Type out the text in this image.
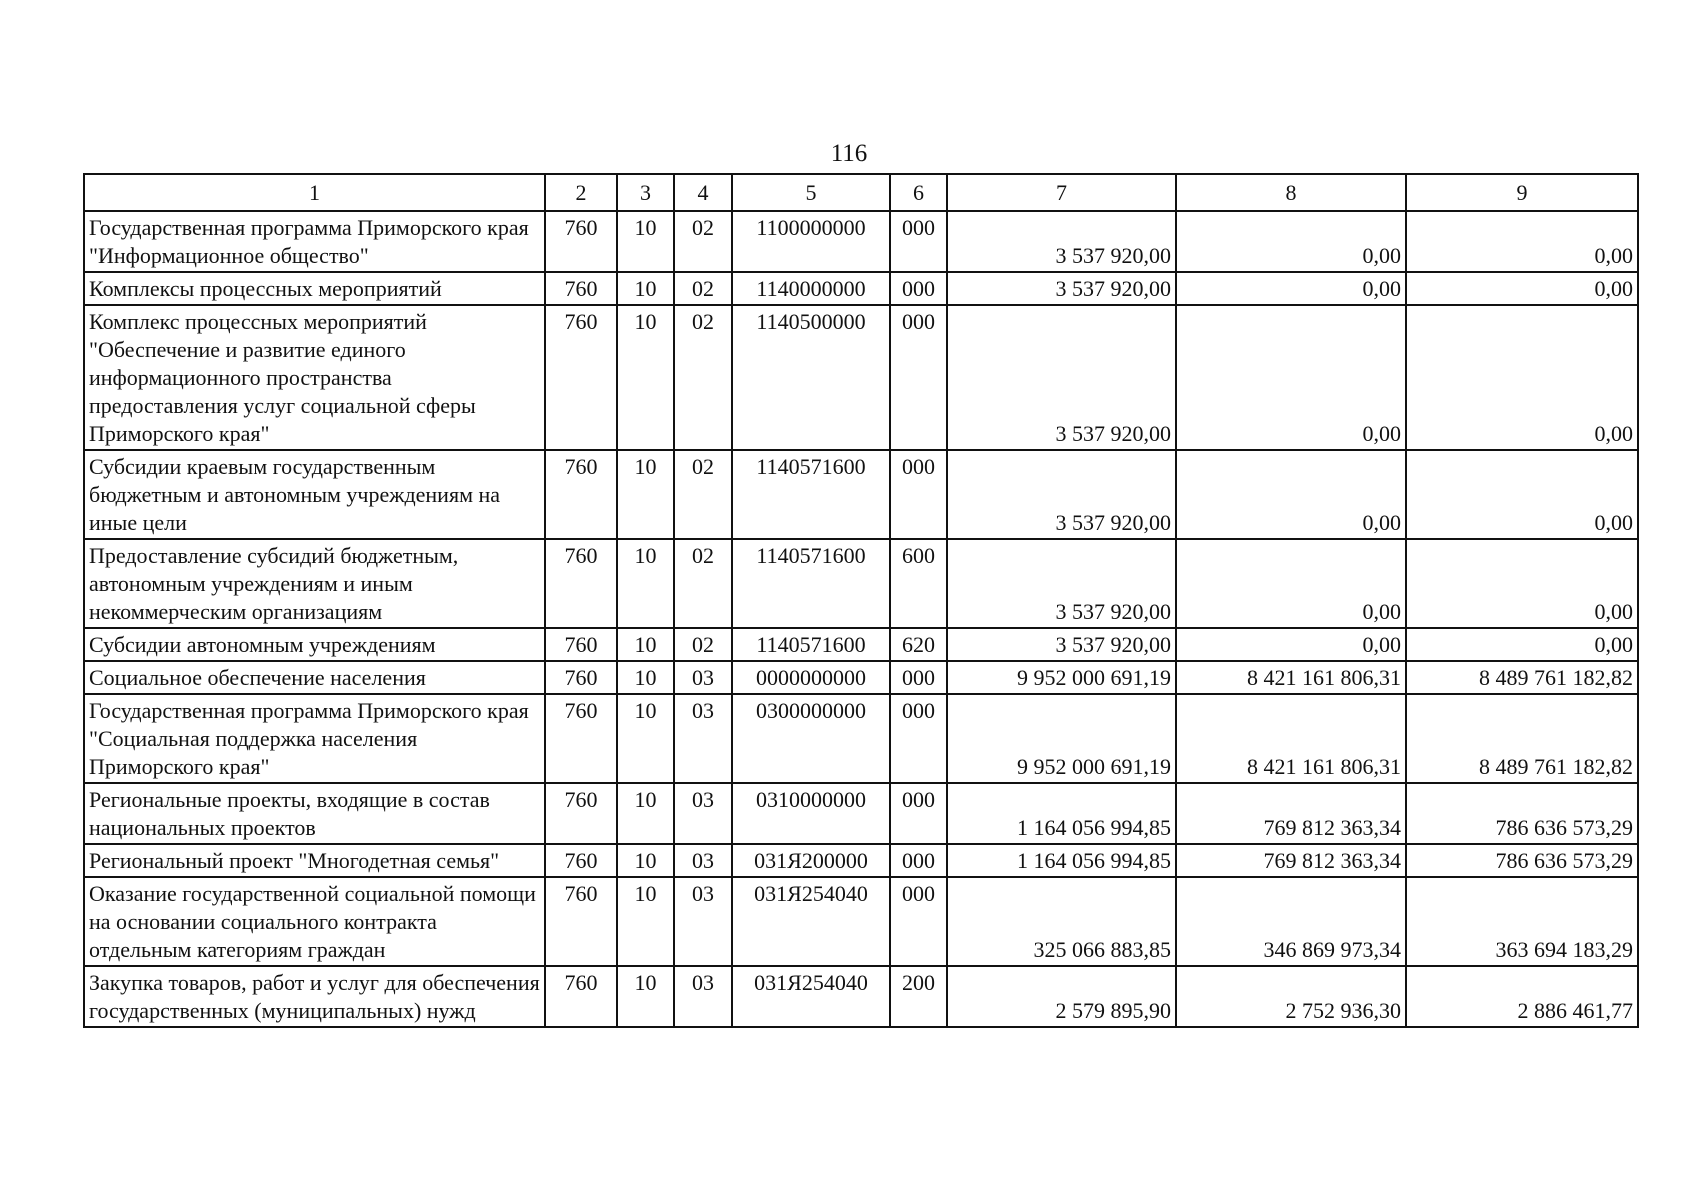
116
1	2	3	4	5	6	7	8	9
Государственная программа Приморского края "Информационное общество"	760	10	02	1100000000	000	3 537 920,00	0,00	0,00
Комплексы процессных мероприятий	760	10	02	1140000000	000	3 537 920,00	0,00	0,00
Комплекс процессных мероприятий "Обеспечение и развитие единого информационного пространства предоставления услуг социальной сферы Приморского края"	760	10	02	1140500000	000	3 537 920,00	0,00	0,00
Субсидии краевым государственным бюджетным и автономным учреждениям на иные цели	760	10	02	1140571600	000	3 537 920,00	0,00	0,00
Предоставление субсидий бюджетным, автономным учреждениям и иным некоммерческим организациям	760	10	02	1140571600	600	3 537 920,00	0,00	0,00
Субсидии автономным учреждениям	760	10	02	1140571600	620	3 537 920,00	0,00	0,00
Социальное обеспечение населения	760	10	03	0000000000	000	9 952 000 691,19	8 421 161 806,31	8 489 761 182,82
Государственная программа Приморского края "Социальная поддержка населения Приморского края"	760	10	03	0300000000	000	9 952 000 691,19	8 421 161 806,31	8 489 761 182,82
Региональные проекты, входящие в состав национальных проектов	760	10	03	0310000000	000	1 164 056 994,85	769 812 363,34	786 636 573,29
Региональный проект "Многодетная семья"	760	10	03	031Я200000	000	1 164 056 994,85	769 812 363,34	786 636 573,29
Оказание государственной социальной помощи на основании социального контракта отдельным категориям граждан	760	10	03	031Я254040	000	325 066 883,85	346 869 973,34	363 694 183,29
Закупка товаров, работ и услуг для обеспечения государственных (муниципальных) нужд	760	10	03	031Я254040	200	2 579 895,90	2 752 936,30	2 886 461,77
